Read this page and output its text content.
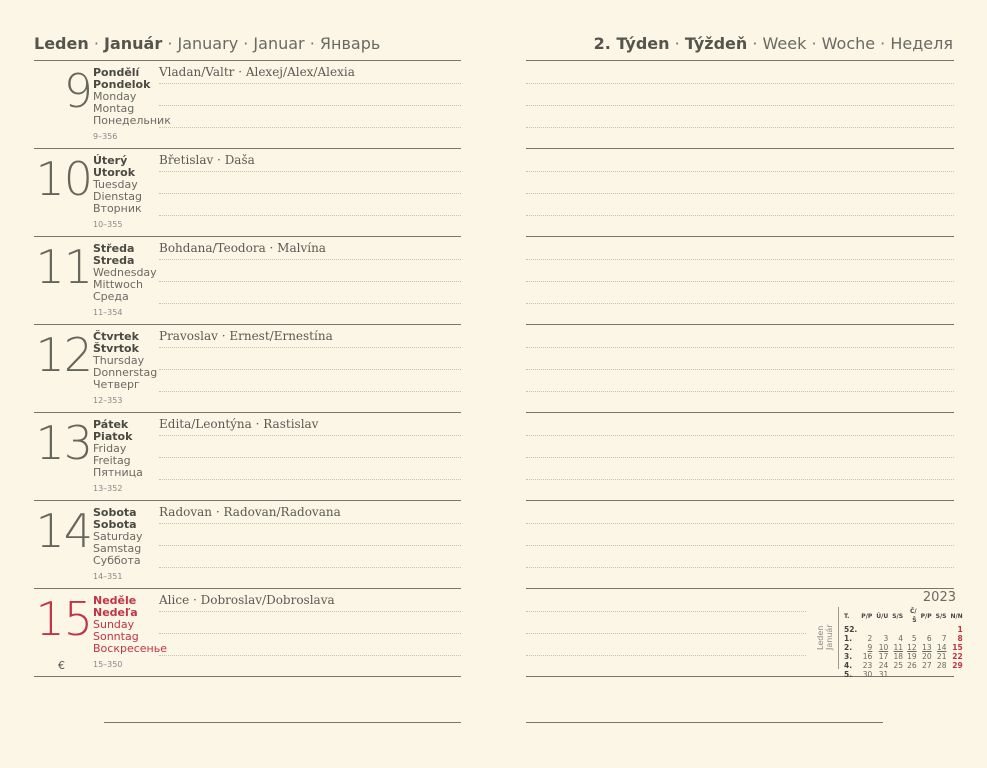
Leden · Január · January · Januar · Январь	2. Týden · Týždeň · Week · Woche · Неделя
9 Pondělí
Pondelok
Monday
Montag
Понедельник
9–356
Vladan/Valtr · Alexej/Alex/Alexia
10 Úterý
Utorok
Tuesday
Dienstag
Вторник
10–355
Břetislav · Daša
11 Středa
Streda
Wednesday
Mittwoch
Среда
11–354
Bohdana/Teodora · Malvína
12 Čtvrtek
Štvrtok
Thursday
Donnerstag
Четверг
12–353
Pravoslav · Ernest/Ernestína
13 Pátek
Piatok
Friday
Freitag
Пятница
13–352
Edita/Leontýna · Rastislav
14 Sobota
Sobota
Saturday
Samstag
Суббота
14–351
Radovan · Radovan/Radovana
15 Neděle
Nedeľa
Sunday
Sonntag
Воскресенье
15–350
Alice · Dobroslav/Dobroslava
€
2023
Leden Január
T.	P/P	Ú/U	S/S	Č/Š	P/P	S/S	N/N
52.							1
1.	2	3	4	5	6	7	8
2.	9	10	11	12	13	14	15
3.	16	17	18	19	20	21	22
4.	23	24	25	26	27	28	29
5.	30	31					
